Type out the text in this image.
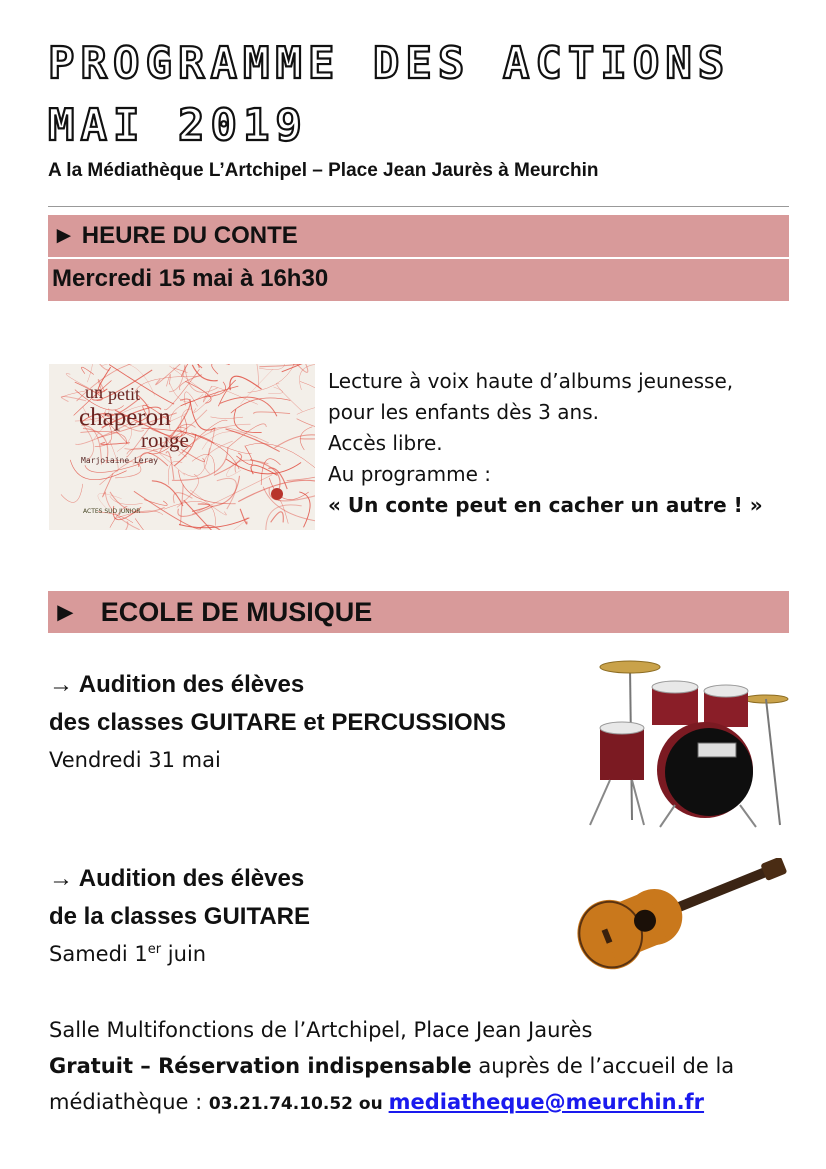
PROGRAMME DES ACTIONS
MAI 2019
A la Médiathèque L’Artchipel – Place Jean Jaurès à Meurchin
► HEURE DU CONTE
Mercredi 15 mai à 16h30
un petit
chaperon
rouge
Marjolaine Leray
ACTES SUD JUNIOR
Lecture à voix haute d’albums jeunesse,
pour les enfants dès 3 ans.
Accès libre.
Au programme :
« Un conte peut en cacher un autre ! »
► ECOLE DE MUSIQUE
→ Audition des élèves
des classes GUITARE et PERCUSSIONS
Vendredi 31 mai
→ Audition des élèves
de la classes GUITARE
Samedi 1er juin
Salle Multifonctions de l’Artchipel, Place Jean Jaurès
Gratuit – Réservation indispensable auprès de l’accueil de la
médiathèque : 03.21.74.10.52 ou mediatheque@meurchin.fr
